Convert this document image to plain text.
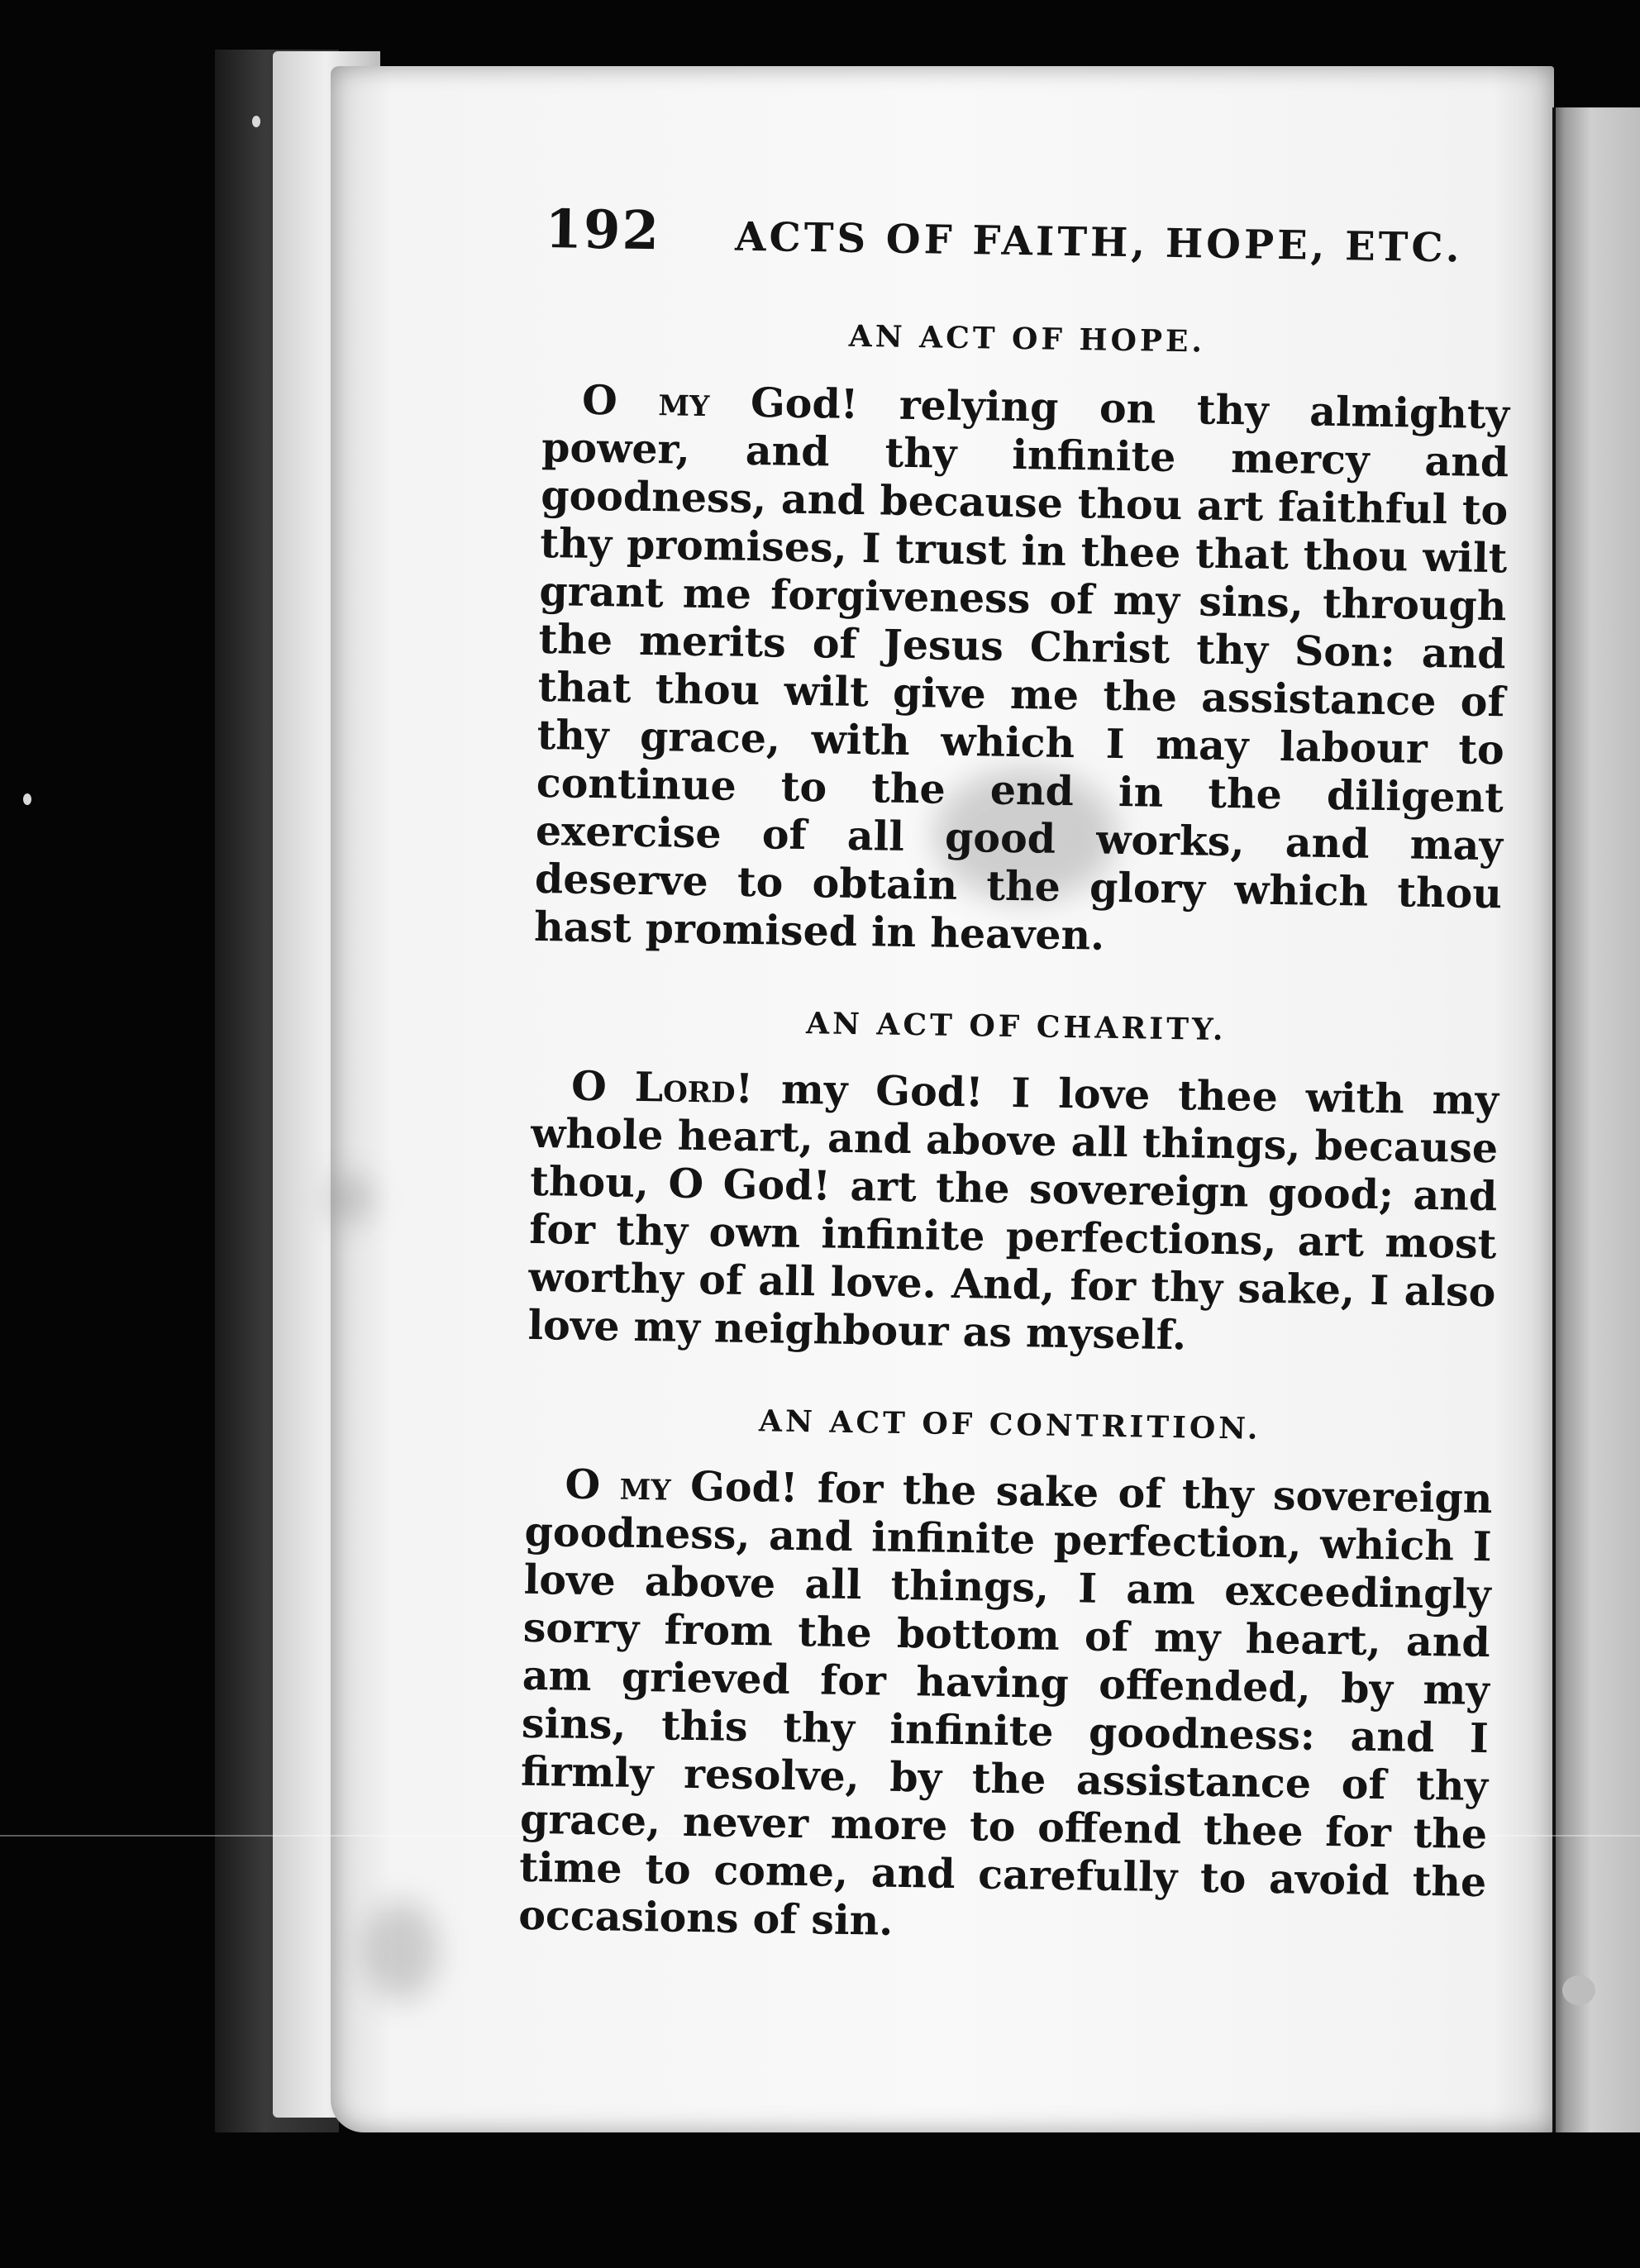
192	ACTS OF FAITH, HOPE, ETC.
AN ACT OF HOPE.

O my God! relying on thy almighty power, and thy infinite mercy and goodness, and because thou art faithful to thy promises, I trust in thee that thou wilt grant me forgiveness of my sins, through the merits of Jesus Christ thy Son: and that thou wilt give me the assistance of thy grace, with which I may labour to continue to the end in the diligent exercise of all good works, and may deserve to obtain the glory which thou hast promised in heaven.

AN ACT OF CHARITY.

O Lord! my God! I love thee with my whole heart, and above all things, because thou, O God! art the sovereign good; and for thy own infinite perfections, art most worthy of all love. And, for thy sake, I also love my neighbour as myself.

AN ACT OF CONTRITION.

O my God! for the sake of thy sovereign goodness, and infinite perfection, which I love above all things, I am exceedingly sorry from the bottom of my heart, and am grieved for having offended, by my sins, this thy infinite goodness: and I firmly resolve, by the assistance of thy grace, never more to offend thee for the time to come, and carefully to avoid the occasions of sin.
